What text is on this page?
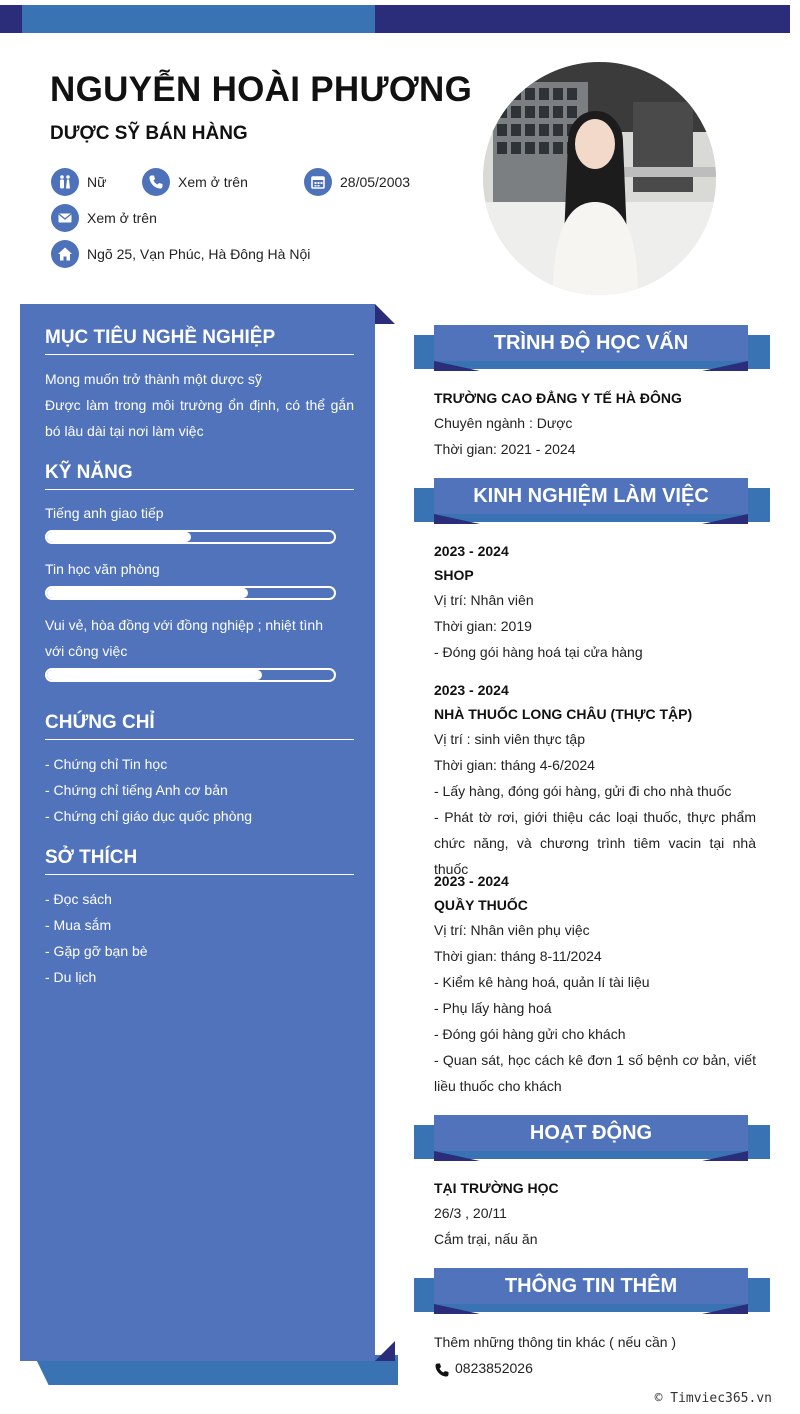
NGUYỄN HOÀI PHƯƠNG
DƯỢC SỸ BÁN HÀNG
Nữ	Xem ở trên	28/05/2003
Xem ở trên
Ngõ 25, Vạn Phúc, Hà Đông Hà Nội
MỤC TIÊU NGHỀ NGHIỆP
Mong muốn trở thành một dược sỹ
Được làm trong môi trường ổn định, có thể gắn bó lâu dài tại nơi làm việc
KỸ NĂNG
Tiếng anh giao tiếp
Tin học văn phòng
Vui vẻ, hòa đồng với đồng nghiệp ; nhiệt tình với công việc
CHỨNG CHỈ
- Chứng chỉ Tin học
- Chứng chỉ tiếng Anh cơ bản
- Chứng chỉ giáo dục quốc phòng
SỞ THÍCH
- Đọc sách
- Mua sắm
- Gặp gỡ bạn bè
- Du lịch
TRÌNH ĐỘ HỌC VẤN
TRƯỜNG CAO ĐẲNG Y TẾ HÀ ĐÔNG
Chuyên ngành : Dược
Thời gian: 2021 - 2024
KINH NGHIỆM LÀM VIỆC
2023 - 2024
SHOP
Vị trí: Nhân viên
Thời gian: 2019
- Đóng gói hàng hoá tại cửa hàng
2023 - 2024
NHÀ THUỐC LONG CHÂU (THỰC TẬP)
Vị trí : sinh viên thực tập
Thời gian: tháng 4-6/2024
- Lấy hàng, đóng gói hàng, gửi đi cho nhà thuốc
- Phát tờ rơi, giới thiệu các loại thuốc, thực phẩm chức năng, và chương trình tiêm vacin tại nhà thuốc
2023 - 2024
QUẦY THUỐC
Vị trí: Nhân viên phụ việc
Thời gian: tháng 8-11/2024
- Kiểm kê hàng hoá, quản lí tài liệu
- Phụ lấy hàng hoá
- Đóng gói hàng gửi cho khách
- Quan sát, học cách kê đơn 1 số bệnh cơ bản, viết liều thuốc cho khách
HOẠT ĐỘNG
TẠI TRƯỜNG HỌC
26/3 , 20/11
Cắm trại, nấu ăn
THÔNG TIN THÊM
Thêm những thông tin khác ( nếu cần )
0823852026
© Timviec365.vn
